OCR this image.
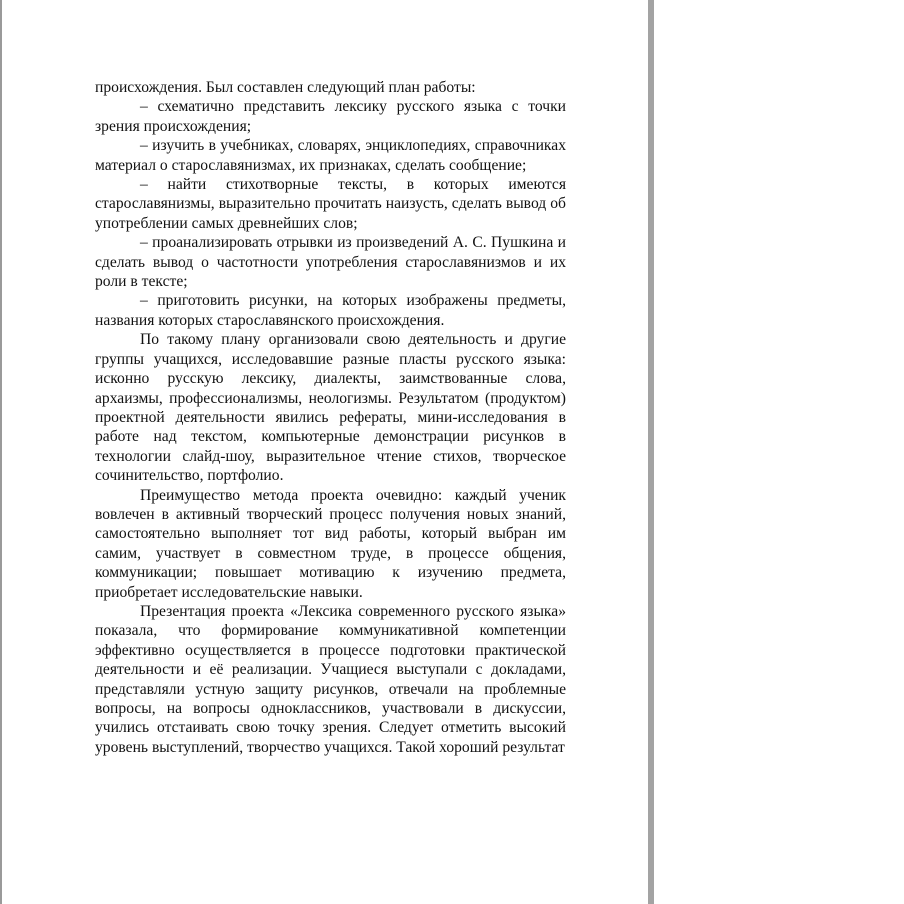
происхождения. Был составлен следующий план работы:

– схематично представить лексику русского языка с точки зрения происхождения;

– изучить в учебниках, словарях, энциклопедиях, справочниках материал о старославянизмах, их признаках, сделать сообщение;

– найти стихотворные тексты, в которых имеются старославянизмы, выразительно прочитать наизусть, сделать вывод об употреблении самых древнейших слов;

– проанализировать отрывки из произведений А. С. Пушкина и сделать вывод о частотности употребления старославянизмов и их роли в тексте;

– приготовить рисунки, на которых изображены предметы, названия которых старославянского происхождения.

По такому плану организовали свою деятельность и другие группы учащихся, исследовавшие разные пласты русского языка: исконно русскую лексику, диалекты, заимствованные слова, архаизмы, профессионализмы, неологизмы. Результатом (продуктом) проектной деятельности явились рефераты, мини-исследования в работе над текстом, компьютерные демонстрации рисунков в технологии слайд-шоу, выразительное чтение стихов, творческое сочинительство, портфолио.

Преимущество метода проекта очевидно: каждый ученик вовлечен в активный творческий процесс получения новых знаний, самостоятельно выполняет тот вид работы, который выбран им самим, участвует в совместном труде, в процессе общения, коммуникации; повышает мотивацию к изучению предмета, приобретает исследовательские навыки.

Презентация проекта «Лексика современного русского языка» показала, что формирование коммуникативной компетенции эффективно осуществляется в процессе подготовки практической деятельности и её реализации. Учащиеся выступали с докладами, представляли устную защиту рисунков, отвечали на проблемные вопросы, на вопросы одноклассников, участвовали в дискуссии, учились отстаивать свою точку зрения. Следует отметить высокий уровень выступлений, творчество учащихся. Такой хороший результат
